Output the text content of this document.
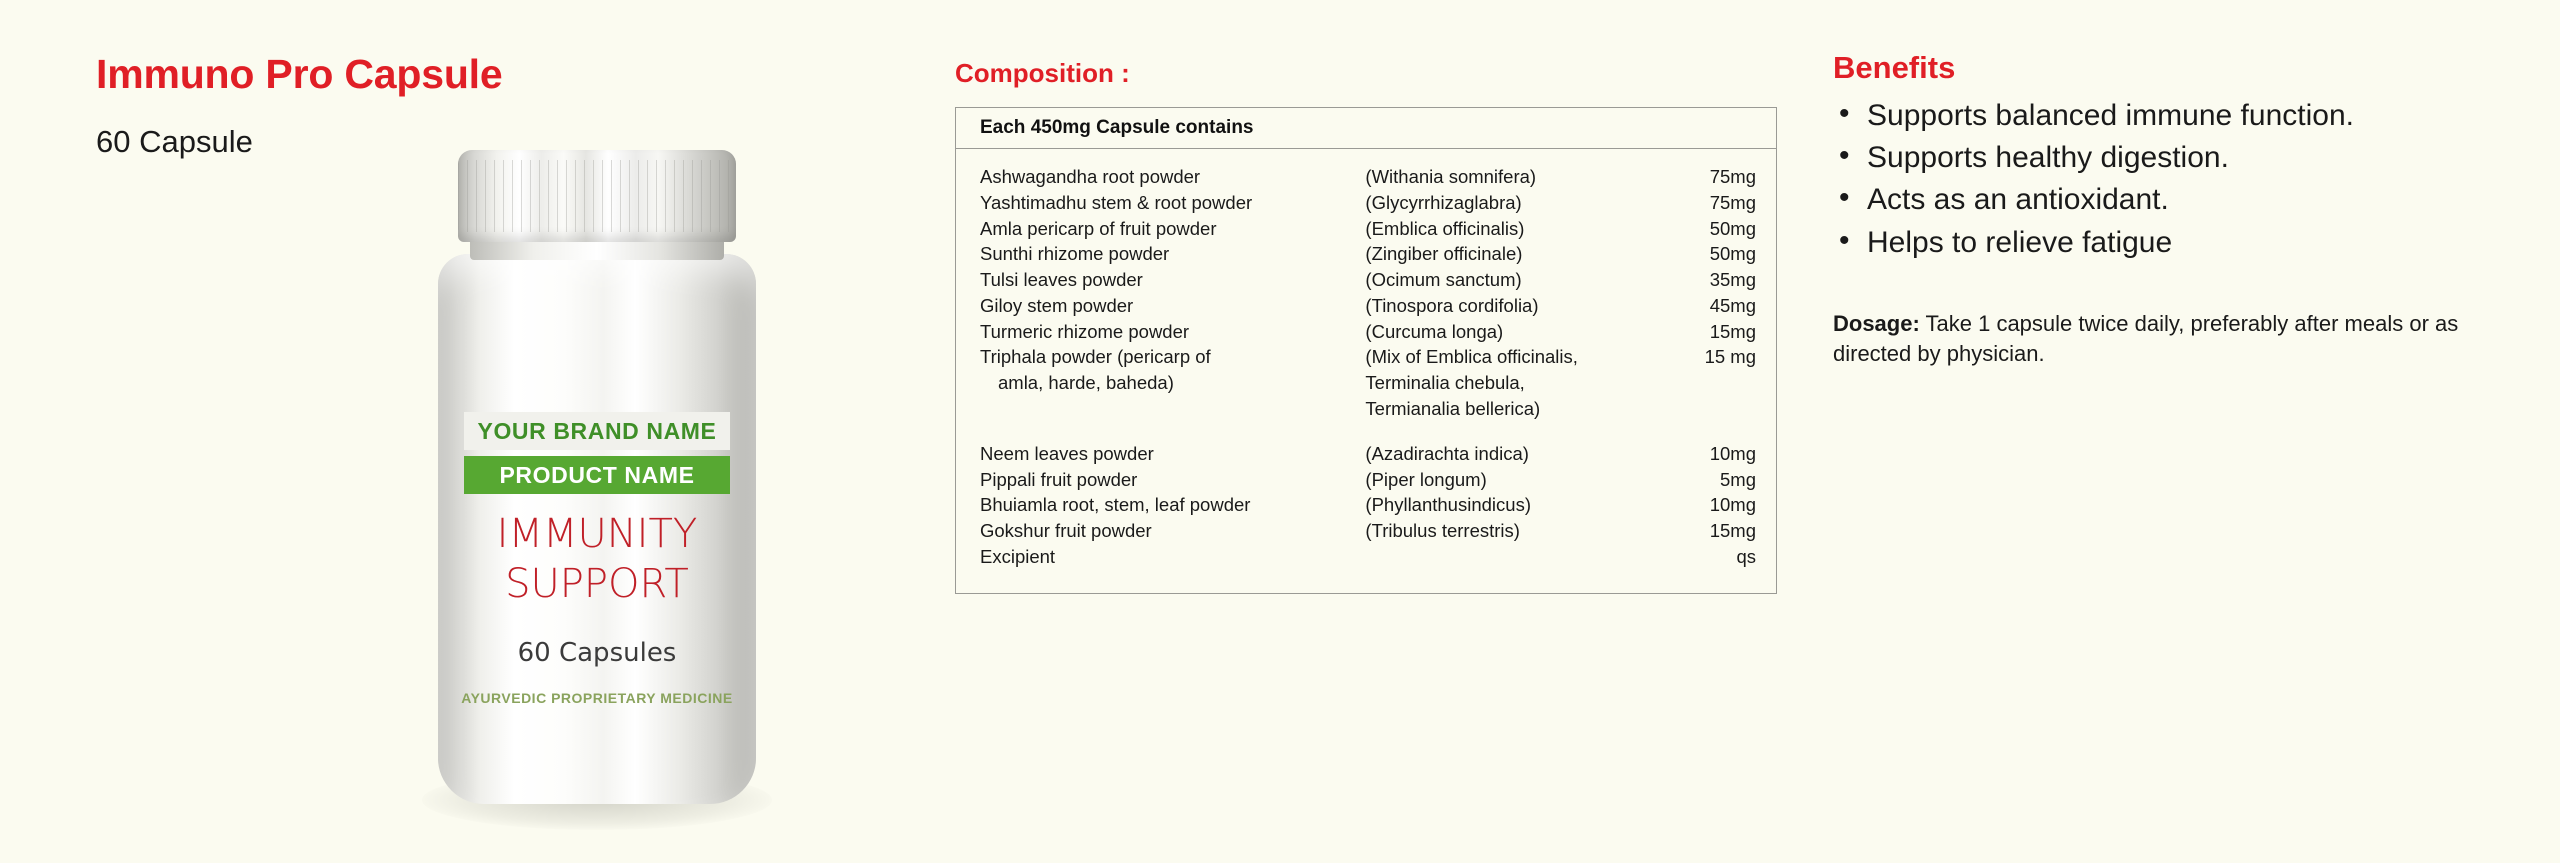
Immuno Pro Capsule
60 Capsule
YOUR BRAND NAME
PRODUCT NAME
IMMUNITY
SUPPORT
60 Capsules
AYURVEDIC PROPRIETARY MEDICINE
Composition :
Each 450mg Capsule contains
Ashwagandha root powder	(Withania somnifera)	75mg
Yashtimadhu stem & root powder	(Glycyrrhizaglabra)	75mg
Amla pericarp of fruit powder	(Emblica officinalis)	50mg
Sunthi rhizome powder	(Zingiber officinale)	50mg
Tulsi leaves powder	(Ocimum sanctum)	35mg
Giloy stem powder	(Tinospora cordifolia)	45mg
Turmeric rhizome powder	(Curcuma longa)	15mg
Triphala powder (pericarp of	(Mix of Emblica officinalis,	15 mg
amla, harde, baheda)	Terminalia chebula,	
	Termianalia bellerica)	

Neem leaves powder	(Azadirachta indica)	10mg
Pippali fruit powder	(Piper longum)	5mg
Bhuiamla root, stem, leaf powder	(Phyllanthusindicus)	10mg
Gokshur fruit powder	(Tribulus terrestris)	15mg
Excipient		qs
Benefits
• Supports balanced immune function.
• Supports healthy digestion.
• Acts as an antioxidant.
• Helps to relieve fatigue
Dosage: Take 1 capsule twice daily, preferably after meals or as directed by physician.
